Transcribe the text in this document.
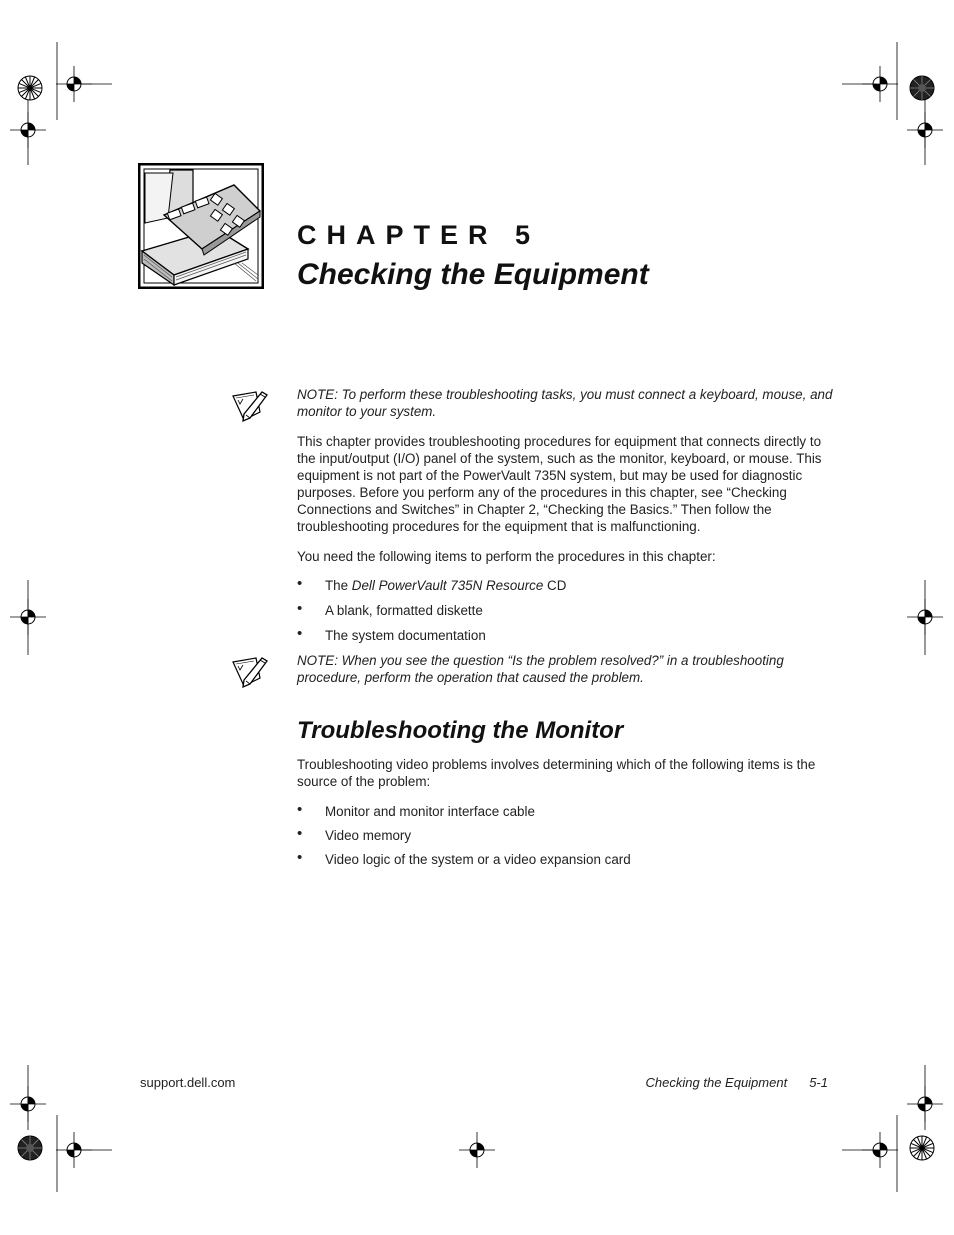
CHAPTER 5
Checking the Equipment

NOTE: To perform these troubleshooting tasks, you must connect a keyboard, mouse, and monitor to your system.

This chapter provides troubleshooting procedures for equipment that connects directly to the input/output (I/O) panel of the system, such as the monitor, keyboard, or mouse. This equipment is not part of the PowerVault 735N system, but may be used for diagnostic purposes. Before you perform any of the procedures in this chapter, see “Checking Connections and Switches” in Chapter 2, “Checking the Basics.” Then follow the troubleshooting procedures for the equipment that is malfunctioning.

You need the following items to perform the procedures in this chapter:

• The Dell PowerVault 735N Resource CD
• A blank, formatted diskette
• The system documentation

NOTE: When you see the question “Is the problem resolved?” in a troubleshooting procedure, perform the operation that caused the problem.

Troubleshooting the Monitor

Troubleshooting video problems involves determining which of the following items is the source of the problem:

• Monitor and monitor interface cable
• Video memory
• Video logic of the system or a video expansion card
support.dell.com	Checking the Equipment 5-1
